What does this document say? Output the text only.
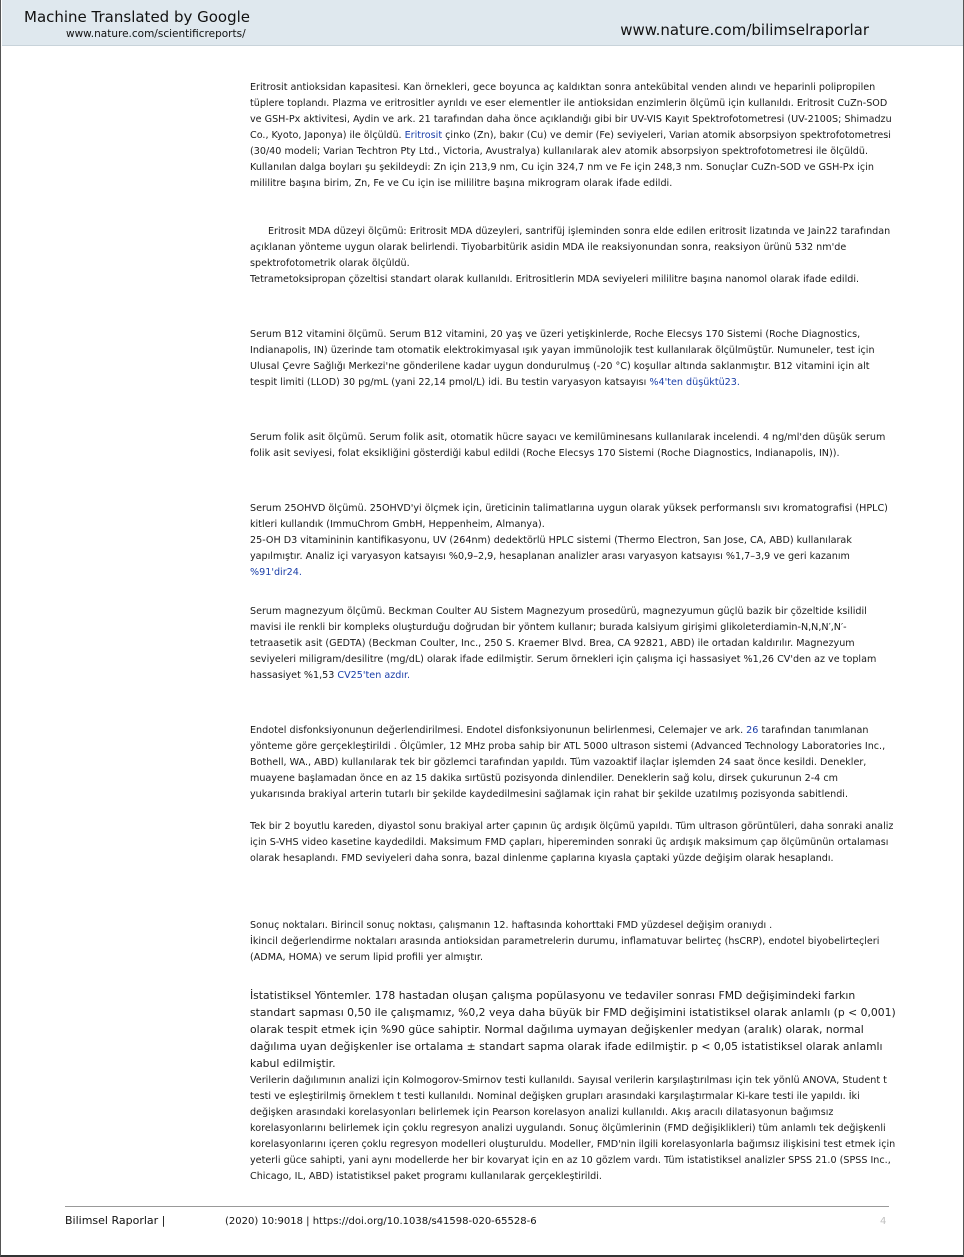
Machine Translated by Google
www.nature.com/scientificreports/	www.nature.com/bilimselraporlar

Eritrosit antioksidan kapasitesi. Kan örnekleri, gece boyunca aç kaldıktan sonra antekübital venden alındı ve heparinli polipropilen tüplere toplandı. Plazma ve eritrositler ayrıldı ve eser elementler ile antioksidan enzimlerin ölçümü için kullanıldı. Eritrosit CuZn-SOD ve GSH-Px aktivitesi, Aydin ve ark. 21 tarafından daha önce açıklandığı gibi bir UV-VIS Kayıt Spektrofotometresi (UV-2100S; Shimadzu Co., Kyoto, Japonya) ile ölçüldü. Eritrosit çinko (Zn), bakır (Cu) ve demir (Fe) seviyeleri, Varian atomik absorpsiyon spektrofotometresi (30/40 modeli; Varian Techtron Pty Ltd., Victoria, Avustralya) kullanılarak alev atomik absorpsiyon spektrofotometresi ile ölçüldü. Kullanılan dalga boyları şu şekildeydi: Zn için 213,9 nm, Cu için 324,7 nm ve Fe için 248,3 nm. Sonuçlar CuZn-SOD ve GSH-Px için mililitre başına birim, Zn, Fe ve Cu için ise mililitre başına mikrogram olarak ifade edildi.

Eritrosit MDA düzeyi ölçümü: Eritrosit MDA düzeyleri, santrifüj işleminden sonra elde edilen eritrosit lizatında ve Jain22 tarafından açıklanan yönteme uygun olarak belirlendi. Tiyobarbitürik asidin MDA ile reaksiyonundan sonra, reaksiyon ürünü 532 nm'de spektrofotometrik olarak ölçüldü.
Tetrametoksipropan çözeltisi standart olarak kullanıldı. Eritrositlerin MDA seviyeleri mililitre başına nanomol olarak ifade edildi.

Serum B12 vitamini ölçümü. Serum B12 vitamini, 20 yaş ve üzeri yetişkinlerde, Roche Elecsys 170 Sistemi (Roche Diagnostics, Indianapolis, IN) üzerinde tam otomatik elektrokimyasal ışık yayan immünolojik test kullanılarak ölçülmüştür. Numuneler, test için Ulusal Çevre Sağlığı Merkezi'ne gönderilene kadar uygun dondurulmuş (-20 °C) koşullar altında saklanmıştır. B12 vitamini için alt tespit limiti (LLOD) 30 pg/mL (yani 22,14 pmol/L) idi. Bu testin varyasyon katsayısı %4'ten düşüktü23.

Serum folik asit ölçümü. Serum folik asit, otomatik hücre sayacı ve kemilüminesans kullanılarak incelendi. 4 ng/ml'den düşük serum folik asit seviyesi, folat eksikliğini gösterdiği kabul edildi (Roche Elecsys 170 Sistemi (Roche Diagnostics, Indianapolis, IN)).

Serum 25OHVD ölçümü. 25OHVD'yi ölçmek için, üreticinin talimatlarına uygun olarak yüksek performanslı sıvı kromatografisi (HPLC) kitleri kullandık (ImmuChrom GmbH, Heppenheim, Almanya).
25-OH D3 vitamininin kantifikasyonu, UV (264nm) dedektörlü HPLC sistemi (Thermo Electron, San Jose, CA, ABD) kullanılarak yapılmıştır. Analiz içi varyasyon katsayısı %0,9–2,9, hesaplanan analizler arası varyasyon katsayısı %1,7–3,9 ve geri kazanım %91'dir24.

Serum magnezyum ölçümü. Beckman Coulter AU Sistem Magnezyum prosedürü, magnezyumun güçlü bazik bir çözeltide ksilidil mavisi ile renkli bir kompleks oluşturduğu doğrudan bir yöntem kullanır; burada kalsiyum girişimi glikoleterdiamin-N,N,N′,N′-tetraasetik asit (GEDTA) (Beckman Coulter, Inc., 250 S. Kraemer Blvd. Brea, CA 92821, ABD) ile ortadan kaldırılır. Magnezyum seviyeleri miligram/desilitre (mg/dL) olarak ifade edilmiştir. Serum örnekleri için çalışma içi hassasiyet %1,26 CV'den az ve toplam hassasiyet %1,53 CV25'ten azdır.

Endotel disfonksiyonunun değerlendirilmesi. Endotel disfonksiyonunun belirlenmesi, Celemajer ve ark. 26 tarafından tanımlanan yönteme göre gerçekleştirildi . Ölçümler, 12 MHz proba sahip bir ATL 5000 ultrason sistemi (Advanced Technology Laboratories Inc., Bothell, WA., ABD) kullanılarak tek bir gözlemci tarafından yapıldı. Tüm vazoaktif ilaçlar işlemden 24 saat önce kesildi. Denekler, muayene başlamadan önce en az 15 dakika sırtüstü pozisyonda dinlendiler. Deneklerin sağ kolu, dirsek çukurunun 2-4 cm yukarısında brakiyal arterin tutarlı bir şekilde kaydedilmesini sağlamak için rahat bir şekilde uzatılmış pozisyonda sabitlendi.

Tek bir 2 boyutlu kareden, diyastol sonu brakiyal arter çapının üç ardışık ölçümü yapıldı. Tüm ultrason görüntüleri, daha sonraki analiz için S-VHS video kasetine kaydedildi. Maksimum FMD çapları, hipereminden sonraki üç ardışık maksimum çap ölçümünün ortalaması olarak hesaplandı. FMD seviyeleri daha sonra, bazal dinlenme çaplarına kıyasla çaptaki yüzde değişim olarak hesaplandı.

Sonuç noktaları. Birincil sonuç noktası, çalışmanın 12. haftasında kohorttaki FMD yüzdesel değişim oranıydı .
İkincil değerlendirme noktaları arasında antioksidan parametrelerin durumu, inflamatuvar belirteç (hsCRP), endotel biyobelirteçleri (ADMA, HOMA) ve serum lipid profili yer almıştır.

İstatistiksel Yöntemler. 178 hastadan oluşan çalışma popülasyonu ve tedaviler sonrası FMD değişimindeki farkın standart sapması 0,50 ile çalışmamız, %0,2 veya daha büyük bir FMD değişimini istatistiksel olarak anlamlı (p < 0,001) olarak tespit etmek için %90 güce sahiptir. Normal dağılıma uymayan değişkenler medyan (aralık) olarak, normal dağılıma uyan değişkenler ise ortalama ± standart sapma olarak ifade edilmiştir. p < 0,05 istatistiksel olarak anlamlı kabul edilmiştir.
Verilerin dağılımının analizi için Kolmogorov-Smirnov testi kullanıldı. Sayısal verilerin karşılaştırılması için tek yönlü ANOVA, Student t testi ve eşleştirilmiş örneklem t testi kullanıldı. Nominal değişken grupları arasındaki karşılaştırmalar Ki-kare testi ile yapıldı. İki değişken arasındaki korelasyonları belirlemek için Pearson korelasyon analizi kullanıldı. Akış aracılı dilatasyonun bağımsız korelasyonlarını belirlemek için çoklu regresyon analizi uygulandı. Sonuç ölçümlerinin (FMD değişiklikleri) tüm anlamlı tek değişkenli korelasyonlarını içeren çoklu regresyon modelleri oluşturuldu. Modeller, FMD'nin ilgili korelasyonlarla bağımsız ilişkisini test etmek için yeterli güce sahipti, yani aynı modellerde her bir kovaryat için en az 10 gözlem vardı. Tüm istatistiksel analizler SPSS 21.0 (SPSS Inc., Chicago, IL, ABD) istatistiksel paket programı kullanılarak gerçekleştirildi.

Bilimsel Raporlar |	(2020) 10:9018 | https://doi.org/10.1038/s41598-020-65528-6	4
